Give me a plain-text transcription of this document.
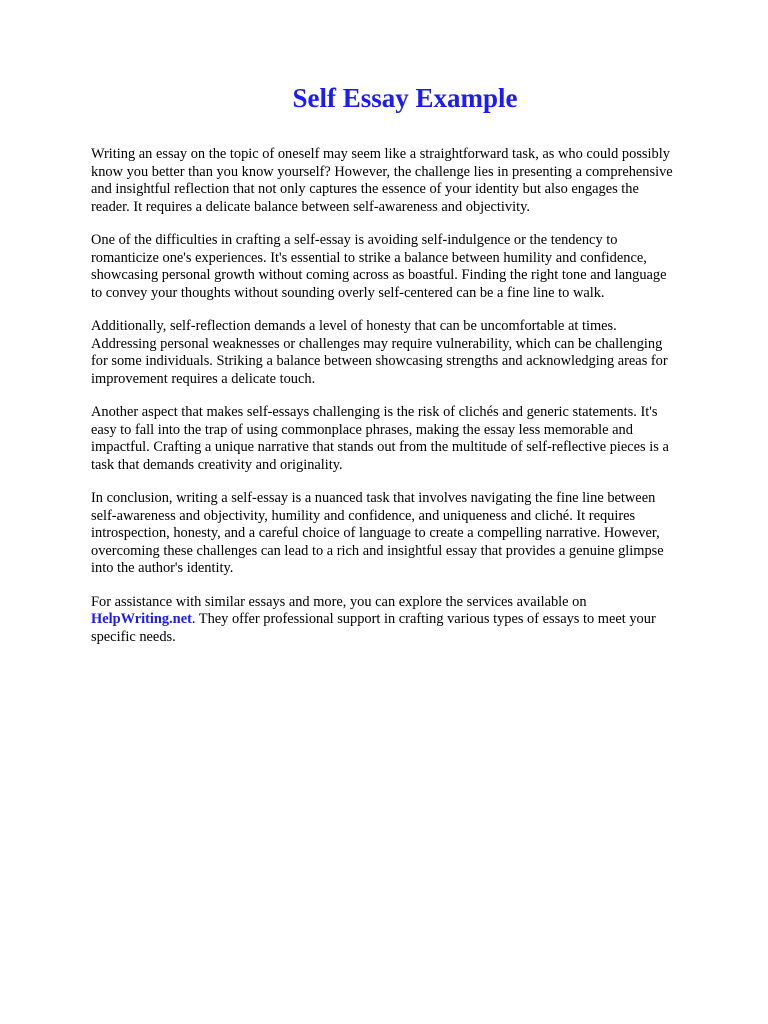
Self Essay Example

Writing an essay on the topic of oneself may seem like a straightforward task, as who could possibly
know you better than you know yourself? However, the challenge lies in presenting a comprehensive
and insightful reflection that not only captures the essence of your identity but also engages the
reader. It requires a delicate balance between self-awareness and objectivity.

One of the difficulties in crafting a self-essay is avoiding self-indulgence or the tendency to
romanticize one's experiences. It's essential to strike a balance between humility and confidence,
showcasing personal growth without coming across as boastful. Finding the right tone and language
to convey your thoughts without sounding overly self-centered can be a fine line to walk.

Additionally, self-reflection demands a level of honesty that can be uncomfortable at times.
Addressing personal weaknesses or challenges may require vulnerability, which can be challenging
for some individuals. Striking a balance between showcasing strengths and acknowledging areas for
improvement requires a delicate touch.

Another aspect that makes self-essays challenging is the risk of clichés and generic statements. It's
easy to fall into the trap of using commonplace phrases, making the essay less memorable and
impactful. Crafting a unique narrative that stands out from the multitude of self-reflective pieces is a
task that demands creativity and originality.

In conclusion, writing a self-essay is a nuanced task that involves navigating the fine line between
self-awareness and objectivity, humility and confidence, and uniqueness and cliché. It requires
introspection, honesty, and a careful choice of language to create a compelling narrative. However,
overcoming these challenges can lead to a rich and insightful essay that provides a genuine glimpse
into the author's identity.

For assistance with similar essays and more, you can explore the services available on
HelpWriting.net. They offer professional support in crafting various types of essays to meet your
specific needs.
